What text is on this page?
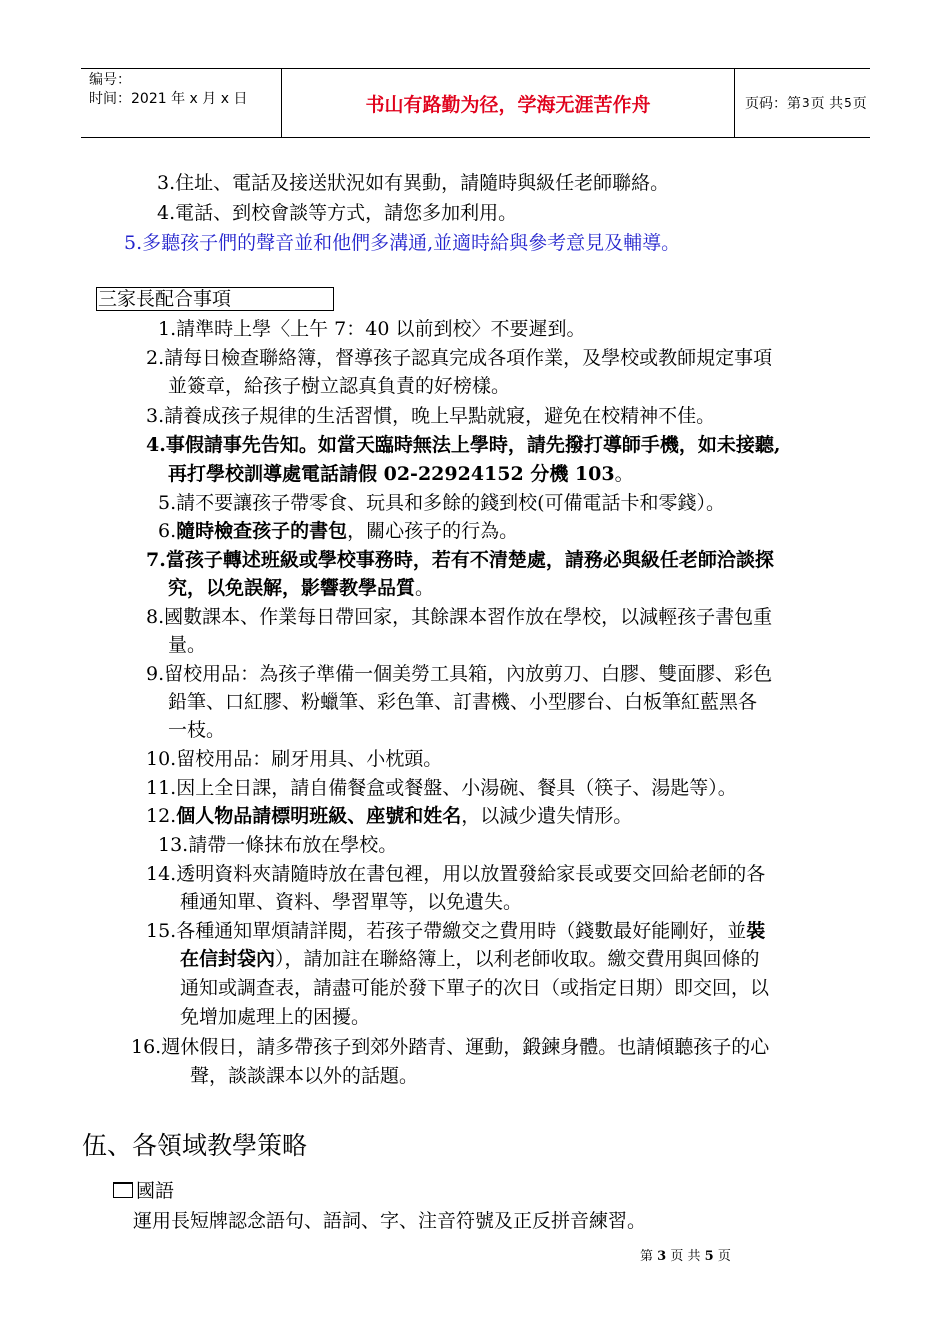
编号：
时间：2021 年 x 月 x 日	书山有路勤为径，学海无涯苦作舟	页码：第 3 页 共 5 页
3.住址、電話及接送狀況如有異動，請隨時與級任老師聯絡。
4.電話、到校會談等方式，請您多加利用。
5.多聽孩子們的聲音並和他們多溝通,並適時給與參考意見及輔導。
三家長配合事項
1.請準時上學〈上午 7：40 以前到校〉不要遲到。
2.請每日檢查聯絡簿，督導孩子認真完成各項作業，及學校或教師規定事項
並簽章，給孩子樹立認真負責的好榜樣。
3.請養成孩子規律的生活習慣，晚上早點就寢，避免在校精神不佳。
4.事假請事先告知。如當天臨時無法上學時，請先撥打導師手機，如未接聽,
再打學校訓導處電話請假 02-22924152 分機 103。
5.請不要讓孩子帶零食、玩具和多餘的錢到校(可備電話卡和零錢）。
6.隨時檢查孩子的書包，關心孩子的行為。
7.當孩子轉述班級或學校事務時，若有不清楚處，請務必與級任老師洽談探
究，以免誤解，影響教學品質。
8.國數課本、作業每日帶回家，其餘課本習作放在學校，以減輕孩子書包重
量。
9.留校用品：為孩子準備一個美勞工具箱，內放剪刀、白膠、雙面膠、彩色
鉛筆、口紅膠、粉蠟筆、彩色筆、訂書機、小型膠台、白板筆紅藍黑各
一枝。
10.留校用品：刷牙用具、小枕頭。
11.因上全日課，請自備餐盒或餐盤、小湯碗、餐具（筷子、湯匙等）。
12.個人物品請標明班級、座號和姓名，以減少遺失情形。
13.請帶一條抹布放在學校。
14.透明資料夾請隨時放在書包裡，用以放置發給家長或要交回給老師的各
種通知單、資料、學習單等，以免遺失。
15.各種通知單煩請詳閱，若孩子帶繳交之費用時（錢數最好能剛好，並裝
在信封袋內），請加註在聯絡簿上，以利老師收取。繳交費用與回條的
通知或調查表，請盡可能於發下單子的次日（或指定日期）即交回，以
免增加處理上的困擾。
16.週休假日，請多帶孩子到郊外踏青、運動，鍛鍊身體。也請傾聽孩子的心
聲，談談課本以外的話題。
伍、各領域教學策略
國語
運用長短牌認念語句、語詞、字、注音符號及正反拼音練習。
第 3 页 共 5 页
